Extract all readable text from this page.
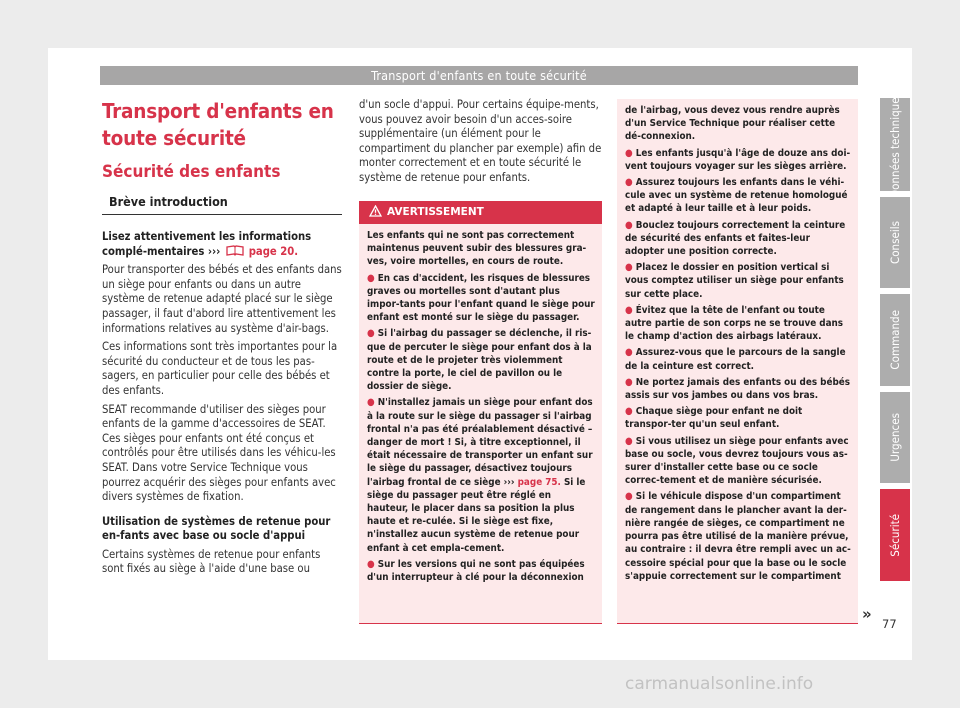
Transport d'enfants en toute sécurité
Transport d'enfants en toute sécurité
Sécurité des enfants
Brève introduction
Lisez attentivement les informations complé-mentaires ›››	page 20.
Pour transporter des bébés et des enfants dans un siège pour enfants ou dans un autre système de retenue adapté placé sur le siège passager, il faut d'abord lire attentivement les informations relatives au système d'air-bags.
Ces informations sont très importantes pour la sécurité du conducteur et de tous les pas-sagers, en particulier pour celle des bébés et des enfants.
SEAT recommande d'utiliser des sièges pour enfants de la gamme d'accessoires de SEAT. Ces sièges pour enfants ont été conçus et contrôlés pour être utilisés dans les véhicu-les SEAT. Dans votre Service Technique vous pourrez acquérir des sièges pour enfants avec divers systèmes de fixation.
Utilisation de systèmes de retenue pour en-fants avec base ou socle d'appui
Certains systèmes de retenue pour enfants sont fixés au siège à l'aide d'une base ou
d'un socle d'appui. Pour certains équipe-ments, vous pouvez avoir besoin d'un acces-soire supplémentaire (un élément pour le compartiment du plancher par exemple) afin de monter correctement et en toute sécurité le système de retenue pour enfants.
AVERTISSEMENT
Les enfants qui ne sont pas correctement maintenus peuvent subir des blessures gra-ves, voire mortelles, en cours de route.
● En cas d'accident, les risques de blessures graves ou mortelles sont d'autant plus impor-tants pour l'enfant quand le siège pour enfant est monté sur le siège du passager.
● Si l'airbag du passager se déclenche, il ris-que de percuter le siège pour enfant dos à la route et de le projeter très violemment contre la porte, le ciel de pavillon ou le dossier de siège.
● N'installez jamais un siège pour enfant dos à la route sur le siège du passager si l'airbag frontal n'a pas été préalablement désactivé – danger de mort ! Si, à titre exceptionnel, il était nécessaire de transporter un enfant sur le siège du passager, désactivez toujours l'airbag frontal de ce siège ››› page 75. Si le siège du passager peut être réglé en hauteur, le placer dans sa position la plus haute et re-culée. Si le siège est fixe, n'installez aucun système de retenue pour enfant à cet empla-cement.
● Sur les versions qui ne sont pas équipées d'un interrupteur à clé pour la déconnexion
de l'airbag, vous devez vous rendre auprès d'un Service Technique pour réaliser cette dé-connexion.
● Les enfants jusqu'à l'âge de douze ans doi-vent toujours voyager sur les sièges arrière.
● Assurez toujours les enfants dans le véhi-cule avec un système de retenue homologué et adapté à leur taille et à leur poids.
● Bouclez toujours correctement la ceinture de sécurité des enfants et faites-leur adopter une position correcte.
● Placez le dossier en position vertical si vous comptez utiliser un siège pour enfants sur cette place.
● Évitez que la tête de l'enfant ou toute autre partie de son corps ne se trouve dans le champ d'action des airbags latéraux.
● Assurez-vous que le parcours de la sangle de la ceinture est correct.
● Ne portez jamais des enfants ou des bébés assis sur vos jambes ou dans vos bras.
● Chaque siège pour enfant ne doit transpor-ter qu'un seul enfant.
● Si vous utilisez un siège pour enfants avec base ou socle, vous devrez toujours vous as-surer d'installer cette base ou ce socle correc-tement et de manière sécurisée.
● Si le véhicule dispose d'un compartiment de rangement dans le plancher avant la der-nière rangée de sièges, ce compartiment ne pourra pas être utilisé de la manière prévue, au contraire : il devra être rempli avec un ac-cessoire spécial pour que la base ou le socle s'appuie correctement sur le compartiment
»
Données techniques
Conseils
Commande
Urgences
Sécurité
77
carmanualsonline.info
